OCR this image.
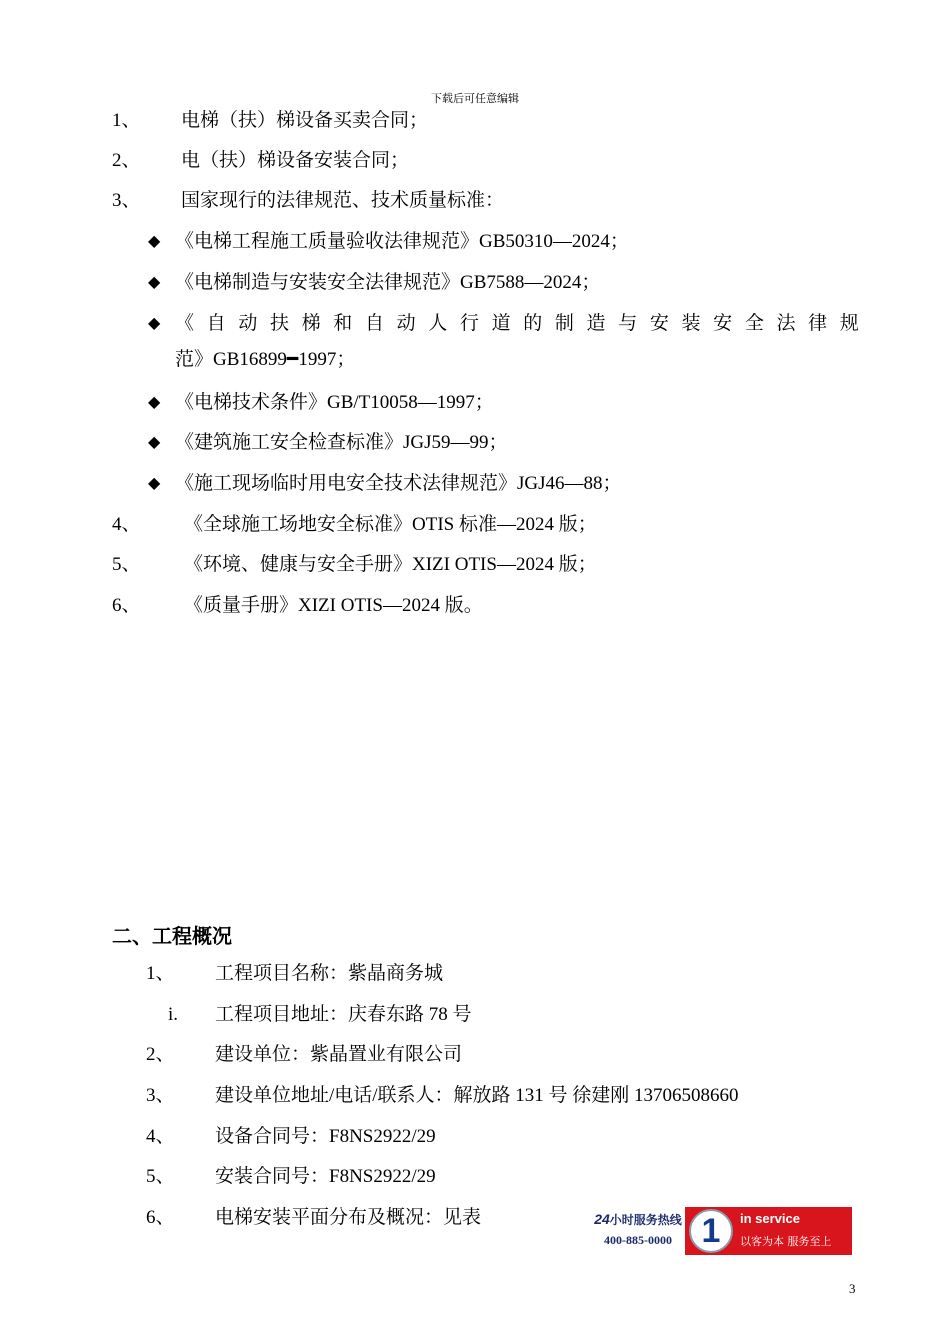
下载后可任意编辑
1、 电梯（扶）梯设备买卖合同；
2、 电（扶）梯设备安装合同；
3、 国家现行的法律规范、技术质量标准：
◆ 《电梯工程施工质量验收法律规范》GB50310—2024；
◆ 《电梯制造与安装安全法律规范》GB7588—2024；
◆ 《 自 动 扶 梯 和 自 动 人 行 道 的 制 造 与 安 装 安 全 法 律 规
范》GB16899━1997；
◆ 《电梯技术条件》GB/T10058—1997；
◆ 《建筑施工安全检查标准》JGJ59—99；
◆ 《施工现场临时用电安全技术法律规范》JGJ46—88；
4、 《全球施工场地安全标准》OTIS 标准—2024 版；
5、 《环境、健康与安全手册》XIZI OTIS—2024 版；
6、 《质量手册》XIZI OTIS—2024 版。
二、工程概况
1、 工程项目名称：紫晶商务城
i. 工程项目地址：庆春东路 78 号
2、 建设单位：紫晶置业有限公司
3、 建设单位地址/电话/联系人：解放路 131 号 徐建刚 13706508660
4、 设备合同号：F8NS2922/29
5、 安装合同号：F8NS2922/29
6、 电梯安装平面分布及概况：见表	24小时服务热线
400-885-0000 1	in service
以客为本 服务至上
3
